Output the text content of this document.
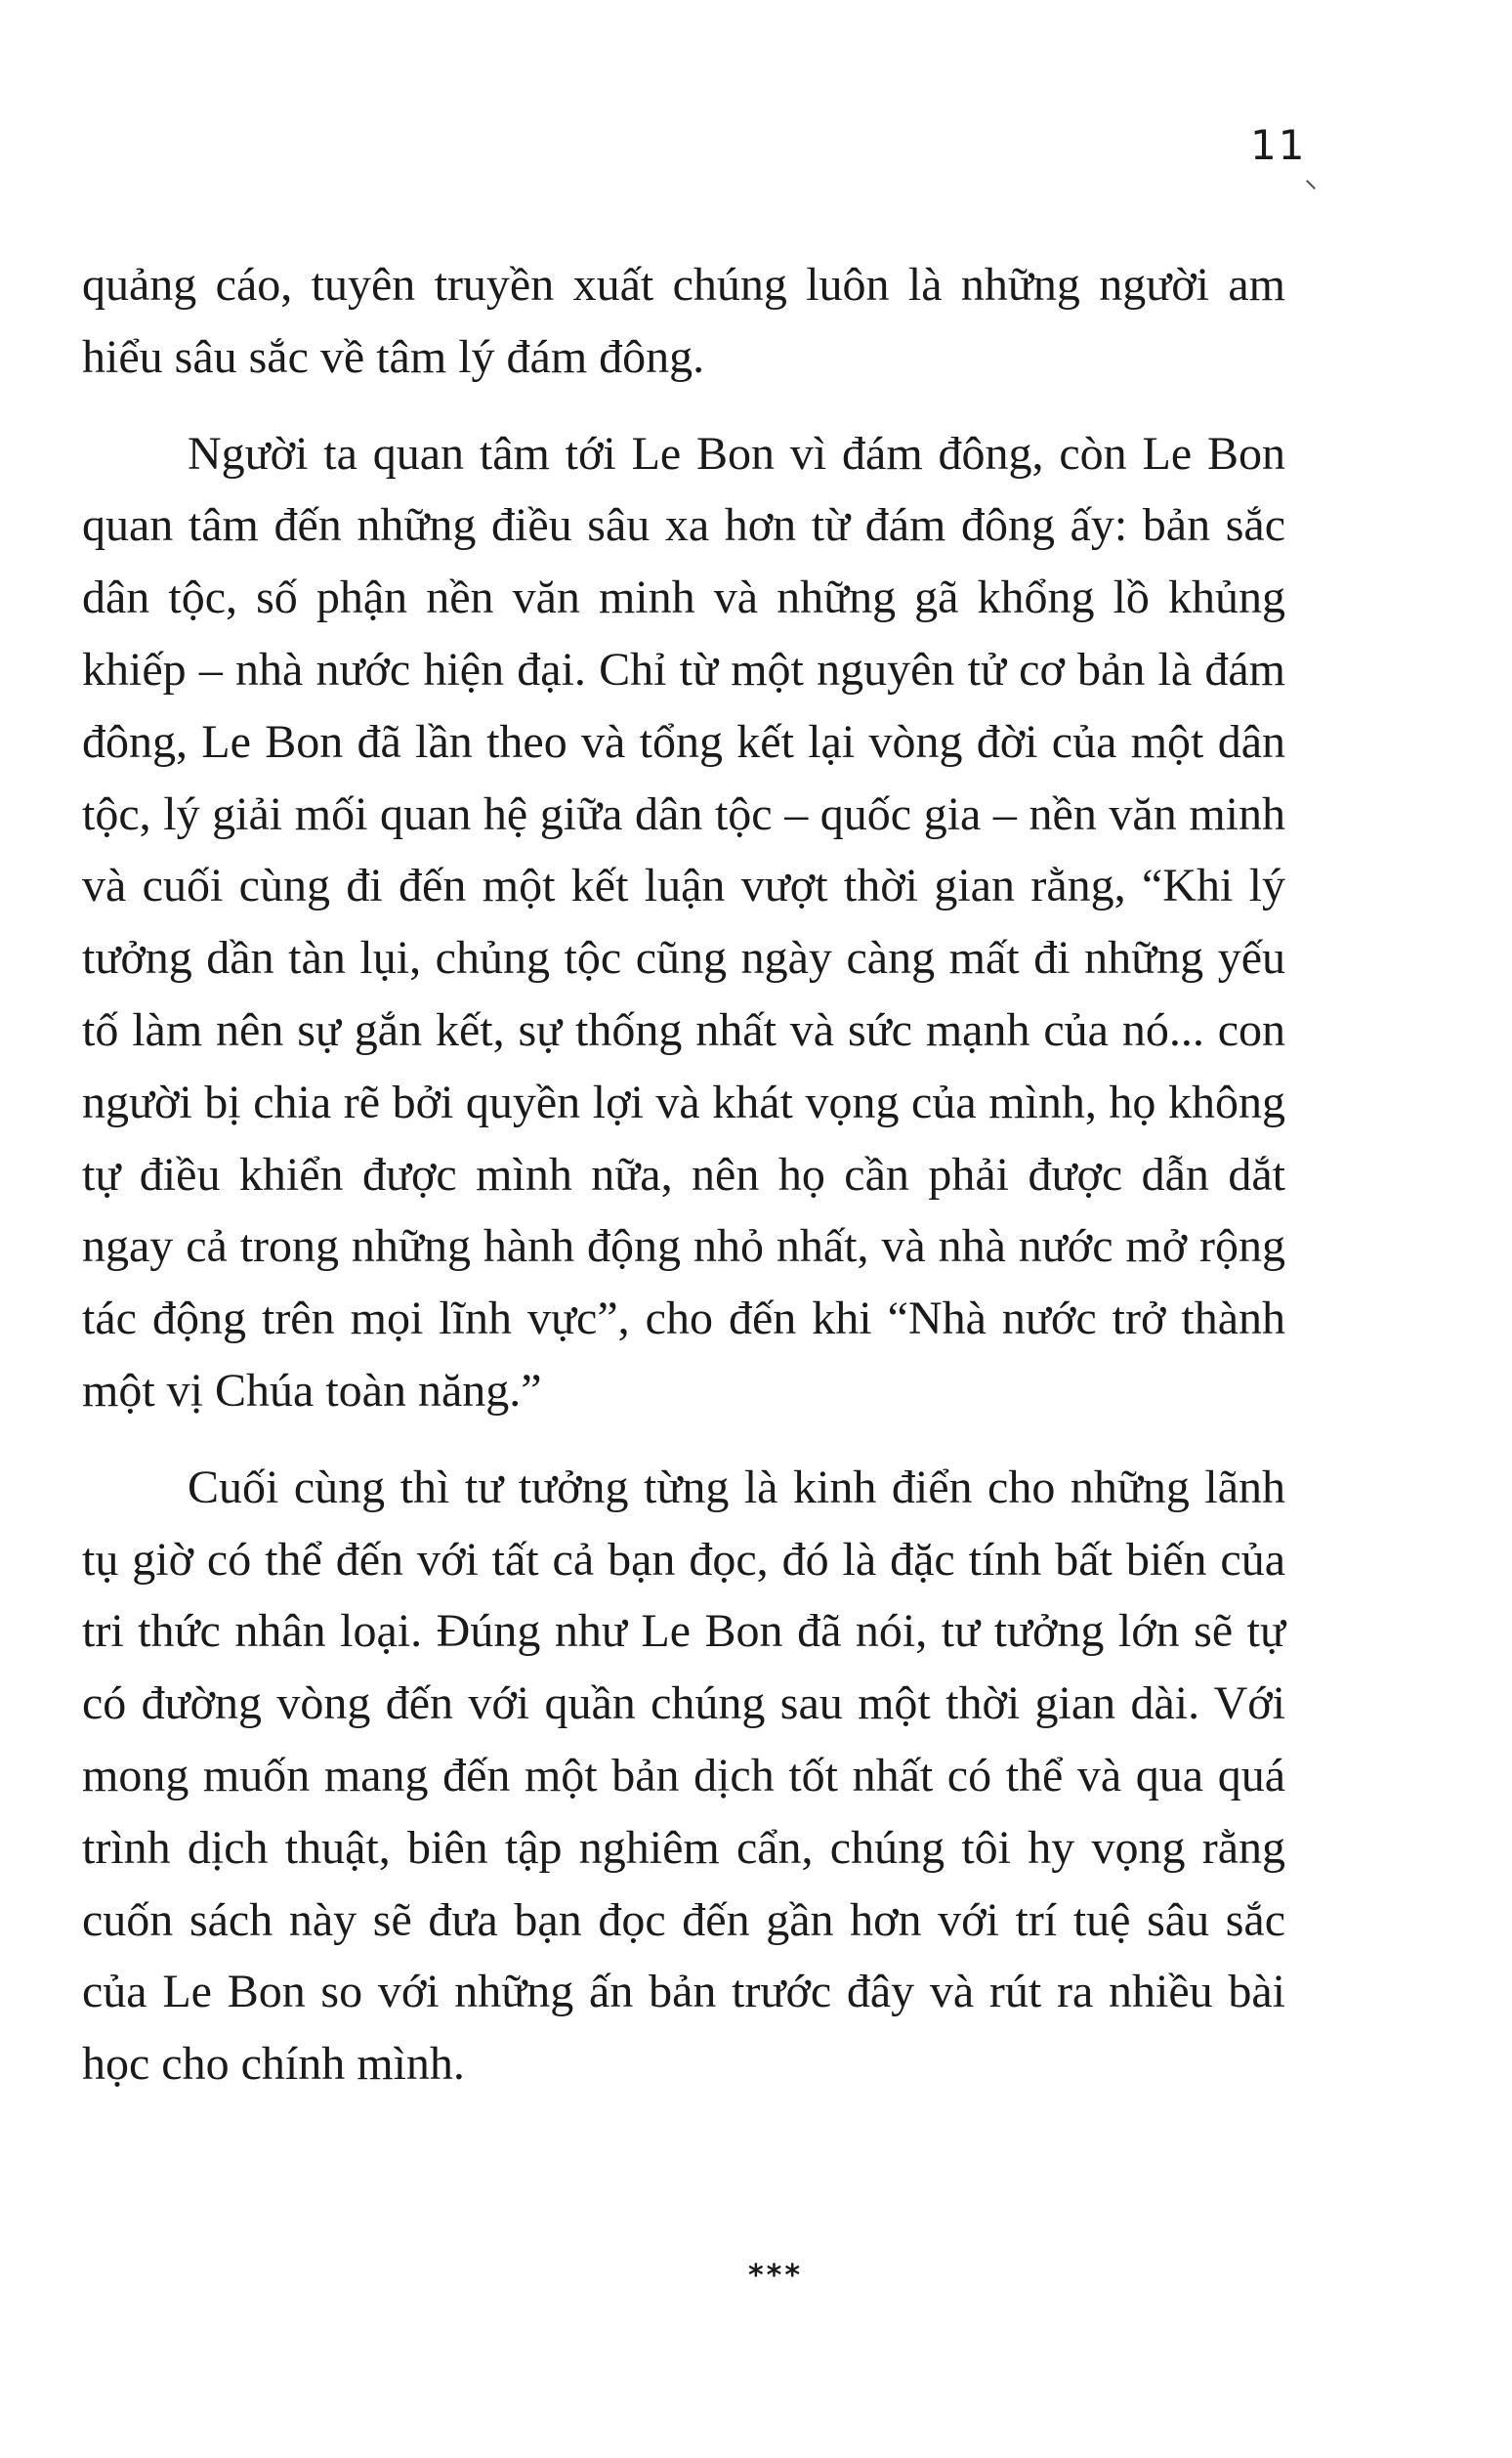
11

quảng cáo, tuyên truyền xuất chúng luôn là những người am hiểu sâu sắc về tâm lý đám đông.

Người ta quan tâm tới Le Bon vì đám đông, còn Le Bon quan tâm đến những điều sâu xa hơn từ đám đông ấy: bản sắc dân tộc, số phận nền văn minh và những gã khổng lồ khủng khiếp – nhà nước hiện đại. Chỉ từ một nguyên tử cơ bản là đám đông, Le Bon đã lần theo và tổng kết lại vòng đời của một dân tộc, lý giải mối quan hệ giữa dân tộc – quốc gia – nền văn minh và cuối cùng đi đến một kết luận vượt thời gian rằng, “Khi lý tưởng dần tàn lụi, chủng tộc cũng ngày càng mất đi những yếu tố làm nên sự gắn kết, sự thống nhất và sức mạnh của nó... con người bị chia rẽ bởi quyền lợi và khát vọng của mình, họ không tự điều khiển được mình nữa, nên họ cần phải được dẫn dắt ngay cả trong những hành động nhỏ nhất, và nhà nước mở rộng tác động trên mọi lĩnh vực”, cho đến khi “Nhà nước trở thành một vị Chúa toàn năng.”

Cuối cùng thì tư tưởng từng là kinh điển cho những lãnh tụ giờ có thể đến với tất cả bạn đọc, đó là đặc tính bất biến của tri thức nhân loại. Đúng như Le Bon đã nói, tư tưởng lớn sẽ tự có đường vòng đến với quần chúng sau một thời gian dài. Với mong muốn mang đến một bản dịch tốt nhất có thể và qua quá trình dịch thuật, biên tập nghiêm cẩn, chúng tôi hy vọng rằng cuốn sách này sẽ đưa bạn đọc đến gần hơn với trí tuệ sâu sắc của Le Bon so với những ấn bản trước đây và rút ra nhiều bài học cho chính mình.

***
